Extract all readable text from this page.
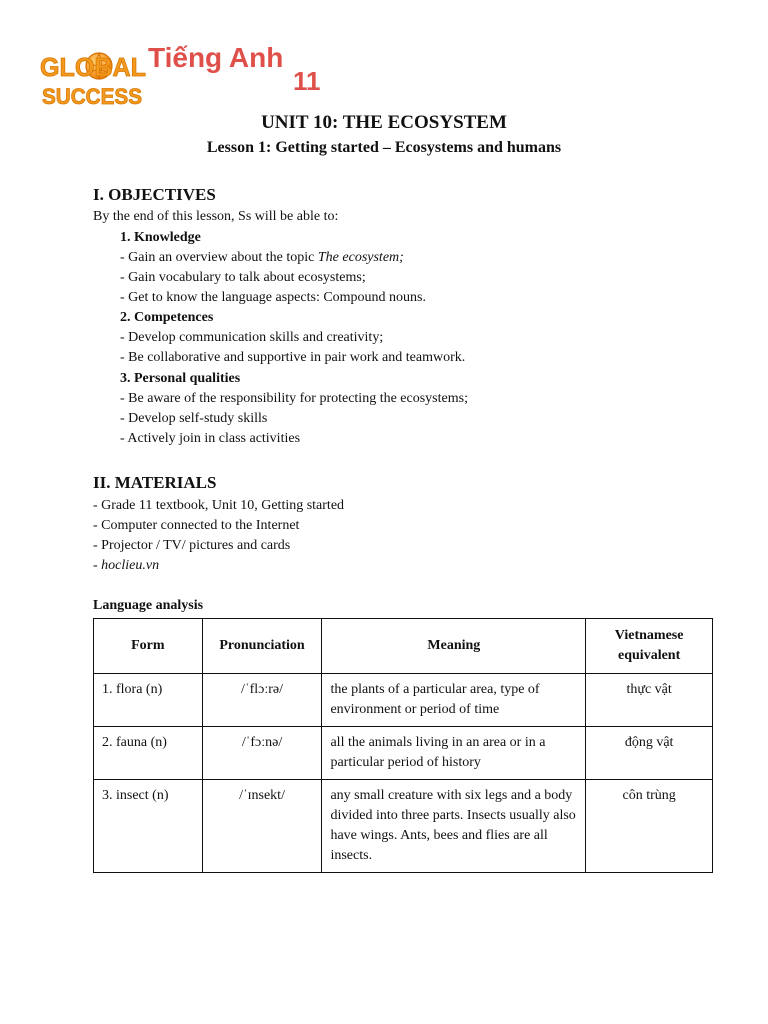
GLOBAL
SUCCESS
Tiếng Anh
11
UNIT 10: THE ECOSYSTEM
Lesson 1: Getting started – Ecosystems and humans
I. OBJECTIVES
By the end of this lesson, Ss will be able to:
1. Knowledge
- Gain an overview about the topic The ecosystem;
- Gain vocabulary to talk about ecosystems;
- Get to know the language aspects: Compound nouns.
2. Competences
- Develop communication skills and creativity;
- Be collaborative and supportive in pair work and teamwork.
3. Personal qualities
- Be aware of the responsibility for protecting the ecosystems;
- Develop self-study skills
- Actively join in class activities
II. MATERIALS
- Grade 11 textbook, Unit 10, Getting started
- Computer connected to the Internet
- Projector / TV/ pictures and cards
- hoclieu.vn
Language analysis
Form	Pronunciation	Meaning	Vietnamese equivalent
1. flora (n)	/ˈflɔːrə/	the plants of a particular area, type of environment or period of time	thực vật
2. fauna (n)	/ˈfɔːnə/	all the animals living in an area or in a particular period of history	động vật
3. insect (n)	/ˈɪnsekt/	any small creature with six legs and a body divided into three parts. Insects usually also have wings. Ants, bees and flies are all insects.	côn trùng
